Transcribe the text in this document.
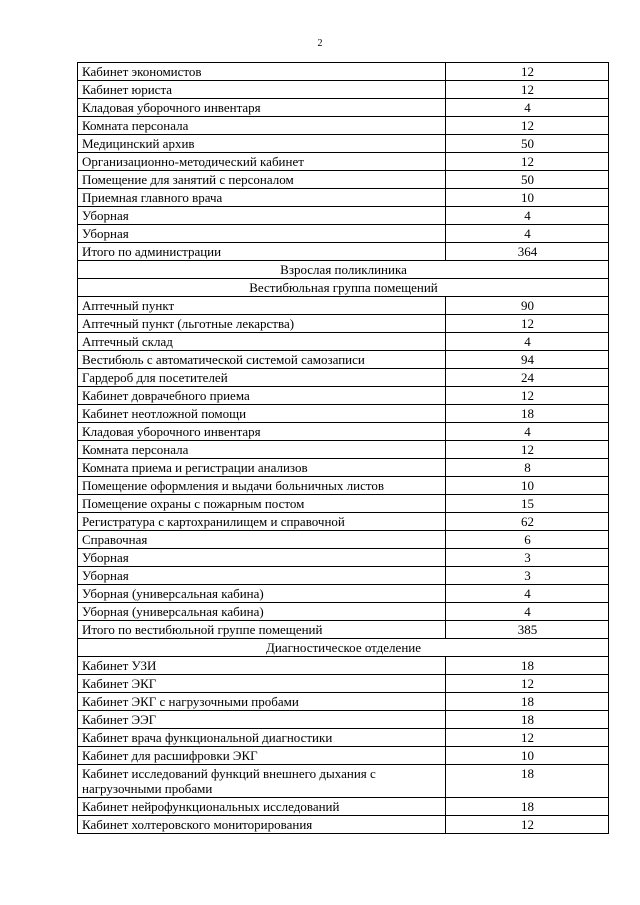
2
Кабинет экономистов	12
Кабинет юриста	12
Кладовая уборочного инвентаря	4
Комната персонала	12
Медицинский архив	50
Организационно-методический кабинет	12
Помещение для занятий с персоналом	50
Приемная главного врача	10
Уборная	4
Уборная	4
Итого по администрации	364
Взрослая поликлиника	
Вестибюльная группа помещений	
Аптечный пункт	90
Аптечный пункт (льготные лекарства)	12
Аптечный склад	4
Вестибюль с автоматической системой самозаписи	94
Гардероб для посетителей	24
Кабинет доврачебного приема	12
Кабинет неотложной помощи	18
Кладовая уборочного инвентаря	4
Комната персонала	12
Комната приема и регистрации анализов	8
Помещение оформления и выдачи больничных листов	10
Помещение охраны с пожарным постом	15
Регистратура с картохранилищем и справочной	62
Справочная	6
Уборная	3
Уборная	3
Уборная (универсальная кабина)	4
Уборная (универсальная кабина)	4
Итого по вестибюльной группе помещений	385
Диагностическое отделение	
Кабинет УЗИ	18
Кабинет ЭКГ	12
Кабинет ЭКГ с нагрузочными пробами	18
Кабинет ЭЭГ	18
Кабинет врача функциональной диагностики	12
Кабинет для расшифровки ЭКГ	10
Кабинет исследований функций внешнего дыхания с нагрузочными пробами	18
Кабинет нейрофункциональных исследований	18
Кабинет холтеровского мониторирования	12
